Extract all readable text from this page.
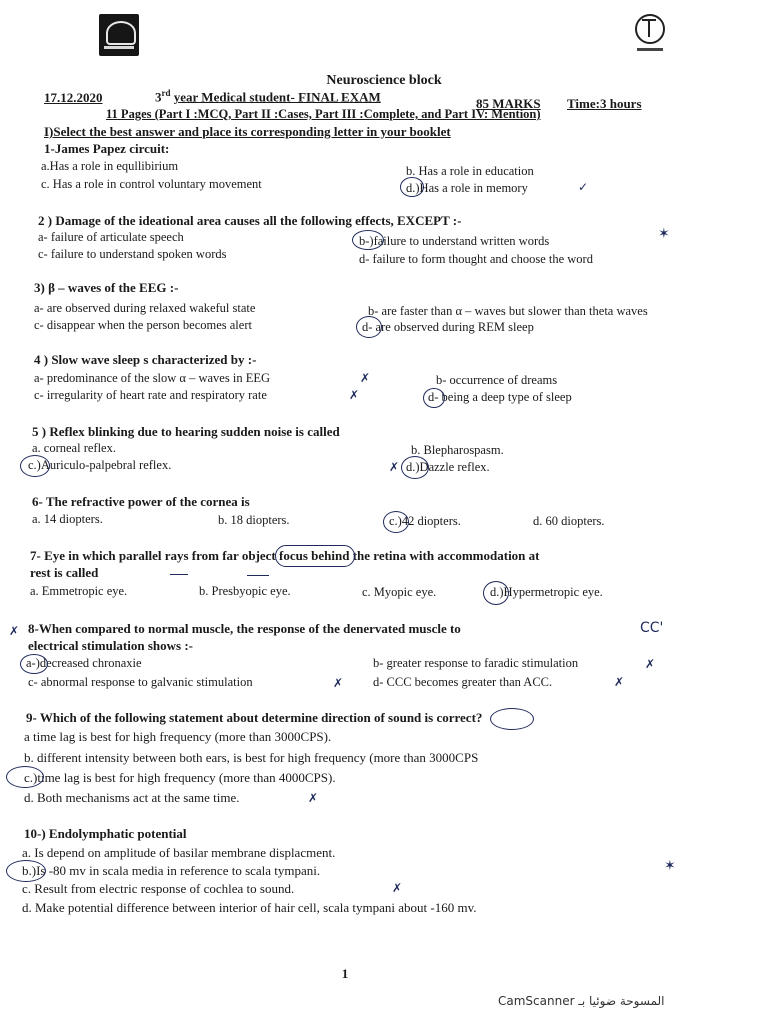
Neuroscience block
17.12.2020	3rd year Medical student- FINAL EXAM	85 MARKS Time:3 hours
11 Pages (Part I :MCQ, Part II :Cases, Part III :Complete, and Part IV: Mention)
I)Select the best answer and place its corresponding letter in your booklet
1-James Papez circuit:
a.Has a role in equllibirium	b. Has a role in education
c. Has a role in control voluntary movement	d.)Has a role in memory	✓
2 ) Damage of the ideational area causes all the following effects, EXCEPT :-
a- failure of articulate speech	b-)failure to understand written words
c- failure to understand spoken words	d- failure to form thought and choose the word
✶
3) β – waves of the EEG :-
a- are observed during relaxed wakeful state	b- are faster than α – waves but slower than theta waves
c- disappear when the person becomes alert	d- are observed during REM sleep
4 ) Slow wave sleep s characterized by :-
a- predominance of the slow α – waves in EEG	✗	b- occurrence of dreams
c- irregularity of heart rate and respiratory rate	✗	d- being a deep type of sleep
5 ) Reflex blinking due to hearing sudden noise is called
a. corneal reflex.	b. Blepharospasm.
c.)Auriculo-palpebral reflex.	✗ d.)Dazzle reflex.
6- The refractive power of the cornea is
a. 14 diopters.	b. 18 diopters.	c.)42 diopters.	d. 60 diopters.
7- Eye in which parallel rays from far object focus behind the retina with accommodation at
rest is called
a. Emmetropic eye.	b. Presbyopic eye.	c. Myopic eye.	d.)Hypermetropic eye.
✗ 8-When compared to normal muscle, the response of the denervated muscle to	CC'
electrical stimulation shows :-
a-)decreased chronaxie	b- greater response to faradic stimulation	✗
c- abnormal response to galvanic stimulation	✗ d- CCC becomes greater than ACC.	✗
9- Which of the following statement about determine direction of sound is correct?
a time lag is best for high frequency (more than 3000CPS).
b. different intensity between both ears, is best for high frequency (more than 3000CPS
c.)time lag is best for high frequency (more than 4000CPS).
d. Both mechanisms act at the same time.	✗
10-) Endolymphatic potential
a. Is depend on amplitude of basilar membrane displacment.
b.)Is -80 mv in scala media in reference to scala tympani.	✶
c. Result from electric response of cochlea to sound.	✗
d. Make potential difference between interior of hair cell, scala tympani about -160 mv.
1
CamScanner المسوحة ضوئيا بـ
